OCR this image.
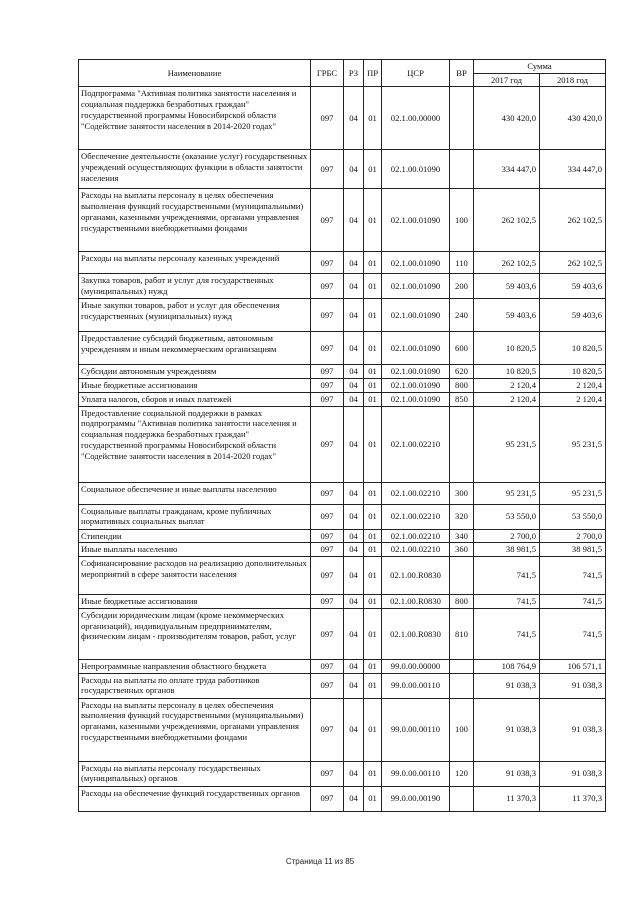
Наименование	ГРБС	РЗ	ПР	ЦСР	ВР	Сумма	
						2017 год	2018 год
Подпрограмма "Активная политика занятости населения и социальная поддержка безработных граждан" государственной программы Новосибирской области "Содействие занятости населения в 2014-2020 годах"	097	04	01	02.1.00.00000		430 420,0	430 420,0
Обеспечение деятельности (оказание услуг) государственных учреждений осуществляющих функции в области занятости населения	097	04	01	02.1.00.01090		334 447,0	334 447,0
Расходы на выплаты персоналу в целях обеспечения выполнения функций государственными (муниципальными) органами, казенными учреждениями, органами управления государственными внебюджетными фондами	097	04	01	02.1.00.01090	100	262 102,5	262 102,5
Расходы на выплаты персоналу казенных учреждений	097	04	01	02.1.00.01090	110	262 102,5	262 102,5
Закупка товаров, работ и услуг для государственных (муниципальных) нужд	097	04	01	02.1.00.01090	200	59 403,6	59 403,6
Иные закупки товаров, работ и услуг для обеспечения государственных (муниципальных) нужд	097	04	01	02.1.00.01090	240	59 403,6	59 403,6
Предоставление субсидий бюджетным, автономным учреждениям и иным некоммерческим организациям	097	04	01	02.1.00.01090	600	10 820,5	10 820,5
Субсидии автономным учреждениям	097	04	01	02.1.00.01090	620	10 820,5	10 820,5
Иные бюджетные ассигнования	097	04	01	02.1.00.01090	800	2 120,4	2 120,4
Уплата налогов, сборов и иных платежей	097	04	01	02.1.00.01090	850	2 120,4	2 120,4
Предоставление социальной поддержки в рамках подпрограммы "Активная политика занятости населения и социальная поддержка безработных граждан" государственной программы Новосибирской области "Содействие занятости населения в 2014-2020 годах"	097	04	01	02.1.00.02210		95 231,5	95 231,5
Социальное обеспечение и иные выплаты населению	097	04	01	02.1.00.02210	300	95 231,5	95 231,5
Социальные выплаты гражданам, кроме публичных нормативных социальных выплат	097	04	01	02.1.00.02210	320	53 550,0	53 550,0
Стипендии	097	04	01	02.1.00.02210	340	2 700,0	2 700,0
Иные выплаты населению	097	04	01	02.1.00.02210	360	38 981,5	38 981,5
Софинансирование расходов на реализацию дополнительных мероприятий в сфере занятости населения	097	04	01	02.1.00.R0830		741,5	741,5
Иные бюджетные ассигнования	097	04	01	02.1.00.R0830	800	741,5	741,5
Субсидии юридическим лицам (кроме некоммерческих организаций), индивидуальным предпринимателям, физическим лицам - производителям товаров, работ, услуг	097	04	01	02.1.00.R0830	810	741,5	741,5
Непрограммные направления областного бюджета	097	04	01	99.0.00.00000		108 764,9	106 571,1
Расходы на выплаты по оплате труда работников государственных органов	097	04	01	99.0.00.00110		91 038,3	91 038,3
Расходы на выплаты персоналу в целях обеспечения выполнения функций государственными (муниципальными) органами, казенными учреждениями, органами управления государственными внебюджетными фондами	097	04	01	99.0.00.00110	100	91 038,3	91 038,3
Расходы на выплаты персоналу государственных (муниципальных) органов	097	04	01	99.0.00.00110	120	91 038,3	91 038,3
Расходы на обеспечение функций государственных органов	097	04	01	99.0.00.00190		11 370,3	11 370,3
Страница 11 из 85
